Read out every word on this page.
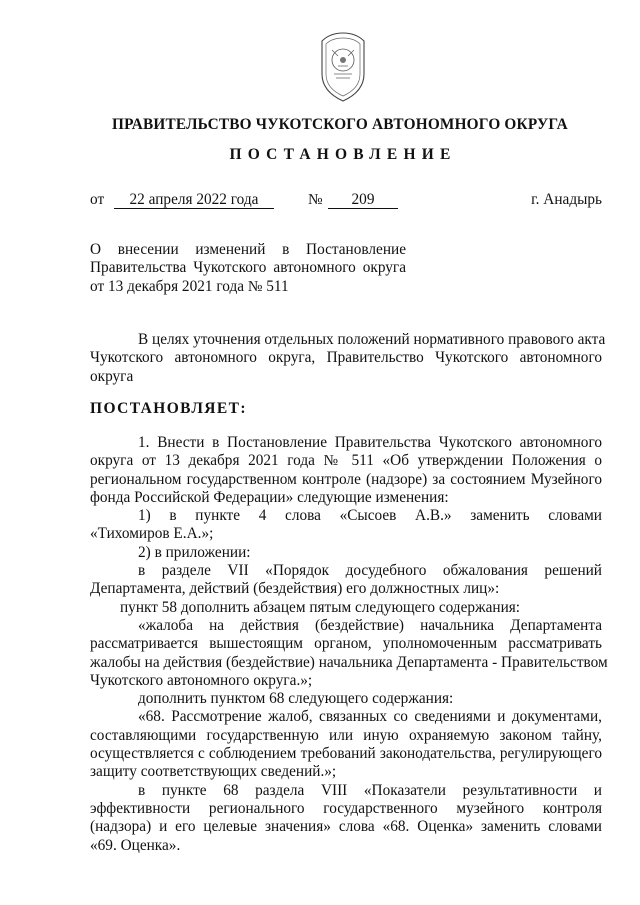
ПРАВИТЕЛЬСТВО ЧУКОТСКОГО АВТОНОМНОГО ОКРУГА
ПОСТАНОВЛЕНИЕ
от	22 апреля 2022 года	№	209	г. Анадырь
О внесении изменений в Постановление
Правительства Чукотского автономного округа
от 13 декабря 2021 года № 511
В целях уточнения отдельных положений нормативного правового акта
Чукотского автономного округа, Правительство Чукотского автономного
округа
ПОСТАНОВЛЯЕТ:
1. Внести в Постановление Правительства Чукотского автономного
округа от 13 декабря 2021 года № 511 «Об утверждении Положения о
региональном государственном контроле (надзоре) за состоянием Музейного
фонда Российской Федерации» следующие изменения:
1) в пункте 4 слова «Сысоев А.В.» заменить словами
«Тихомиров Е.А.»;
2) в приложении:
в разделе VII «Порядок досудебного обжалования решений
Департамента, действий (бездействия) его должностных лиц»:
пункт 58 дополнить абзацем пятым следующего содержания:
«жалоба на действия (бездействие) начальника Департамента
рассматривается вышестоящим органом, уполномоченным рассматривать
жалобы на действия (бездействие) начальника Департамента - Правительством
Чукотского автономного округа.»;
дополнить пунктом 68 следующего содержания:
«68. Рассмотрение жалоб, связанных со сведениями и документами,
составляющими государственную или иную охраняемую законом тайну,
осуществляется с соблюдением требований законодательства, регулирующего
защиту соответствующих сведений.»;
в пункте 68 раздела VIII «Показатели результативности и
эффективности регионального государственного музейного контроля
(надзора) и его целевые значения» слова «68. Оценка» заменить словами
«69. Оценка».
